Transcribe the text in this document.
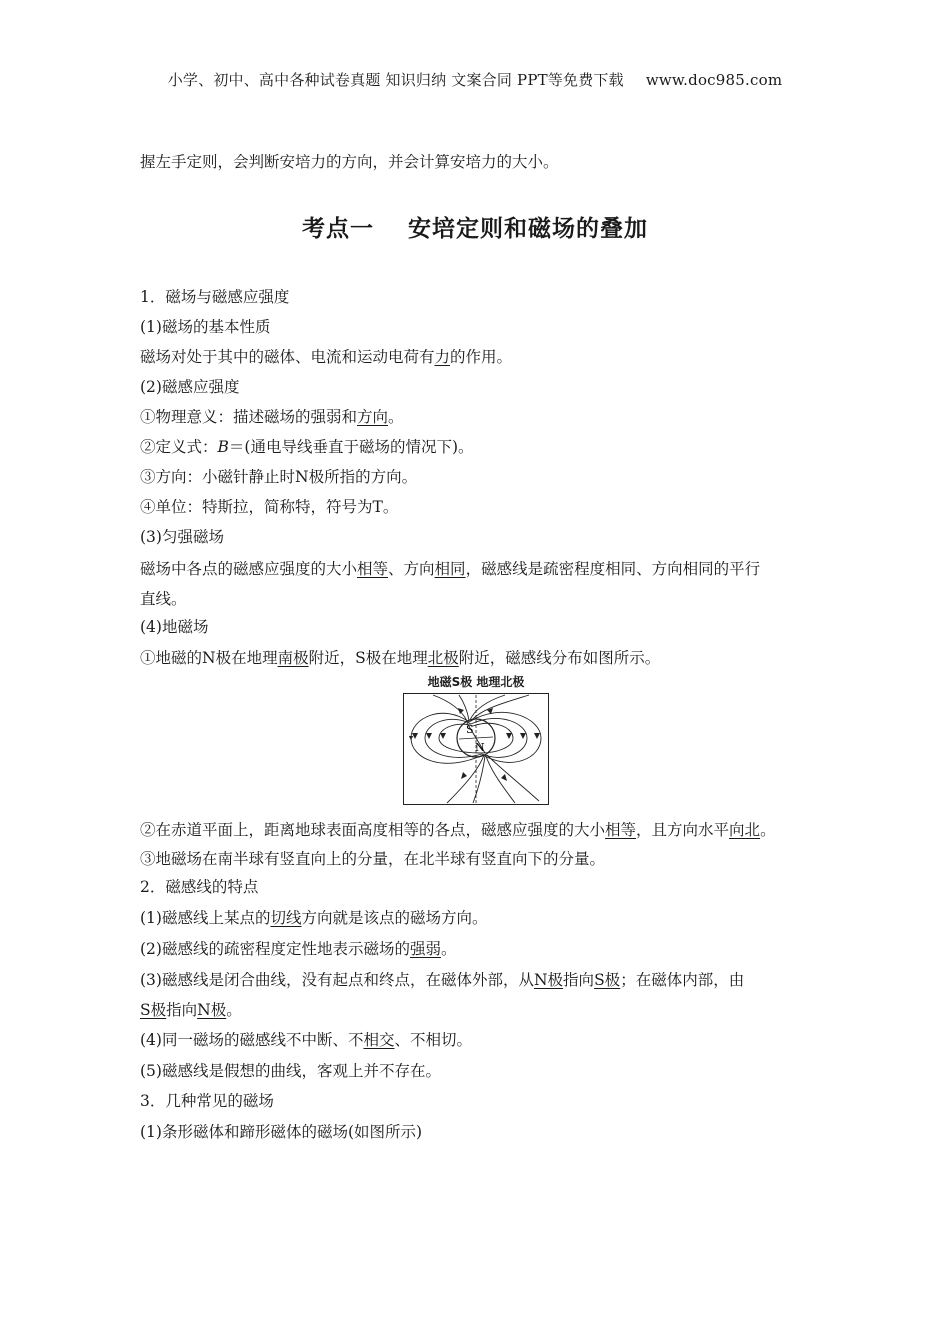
小学、初中、高中各种试卷真题 知识归纳 文案合同 PPT等免费下载 www.doc985.com
握左手定则，会判断安培力的方向，并会计算安培力的大小。
考点一 安培定则和磁场的叠加
1．磁场与磁感应强度
(1)磁场的基本性质
磁场对处于其中的磁体、电流和运动电荷有力的作用。
(2)磁感应强度
①物理意义：描述磁场的强弱和方向。
②定义式：B＝(通电导线垂直于磁场的情况下)。
③方向：小磁针静止时N极所指的方向。
④单位：特斯拉，简称特，符号为T。
(3)匀强磁场
磁场中各点的磁感应强度的大小相等、方向相同，磁感线是疏密程度相同、方向相同的平行
直线。
(4)地磁场
①地磁的N极在地理南极附近，S极在地理北极附近，磁感线分布如图所示。
②在赤道平面上，距离地球表面高度相等的各点，磁感应强度的大小相等，且方向水平向北。
③地磁场在南半球有竖直向上的分量，在北半球有竖直向下的分量。
2．磁感线的特点
(1)磁感线上某点的切线方向就是该点的磁场方向。
(2)磁感线的疏密程度定性地表示磁场的强弱。
(3)磁感线是闭合曲线，没有起点和终点，在磁体外部，从N极指向S极；在磁体内部，由
S极指向N极。
(4)同一磁场的磁感线不中断、不相交、不相切。
(5)磁感线是假想的曲线，客观上并不存在。
3．几种常见的磁场
(1)条形磁体和蹄形磁体的磁场(如图所示)
地磁S极 地理北极
S
N
